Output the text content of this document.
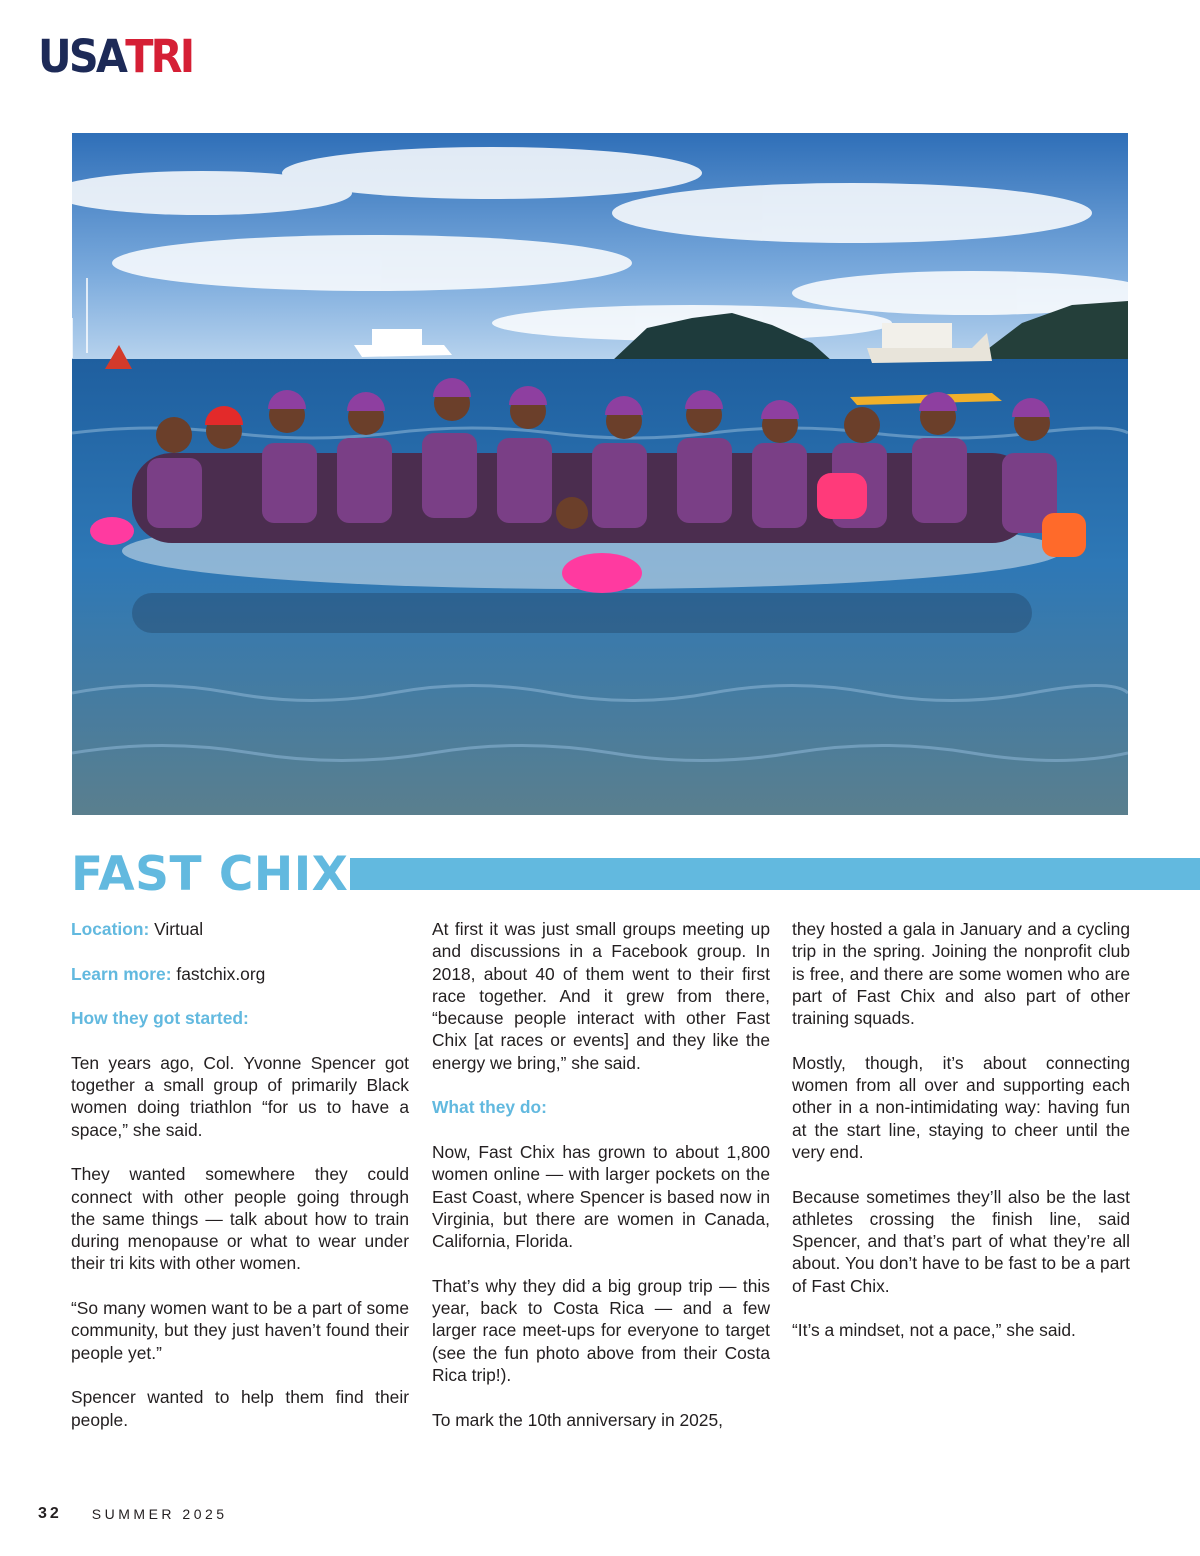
USA TRI
FAST CHIX

Location: Virtual

Learn more: fastchix.org

How they got started:

Ten years ago, Col. Yvonne Spencer got together a small group of primarily Black women doing triathlon “for us to have a space,” she said.

They wanted somewhere they could connect with other people going through the same things — talk about how to train during menopause or what to wear under their tri kits with other women.

“So many women want to be a part of some community, but they just haven’t found their people yet.”

Spencer wanted to help them find their people.

At first it was just small groups meeting up and discussions in a Facebook group. In 2018, about 40 of them went to their first race together. And it grew from there, “because people interact with other Fast Chix [at races or events] and they like the energy we bring,” she said.

What they do:

Now, Fast Chix has grown to about 1,800 women online — with larger pockets on the East Coast, where Spencer is based now in Virginia, but there are women in Canada, California, Florida.

That’s why they did a big group trip — this year, back to Costa Rica — and a few larger race meet-ups for everyone to target (see the fun photo above from their Costa Rica trip!).

To mark the 10th anniversary in 2025,

they hosted a gala in January and a cycling trip in the spring. Joining the nonprofit club is free, and there are some women who are part of Fast Chix and also part of other training squads.

Mostly, though, it’s about connecting women from all over and supporting each other in a non-intimidating way: having fun at the start line, staying to cheer until the very end.

Because sometimes they’ll also be the last athletes crossing the finish line, said Spencer, and that’s part of what they’re all about. You don’t have to be fast to be a part of Fast Chix.

“It’s a mindset, not a pace,” she said.

32 SUMMER 2025
